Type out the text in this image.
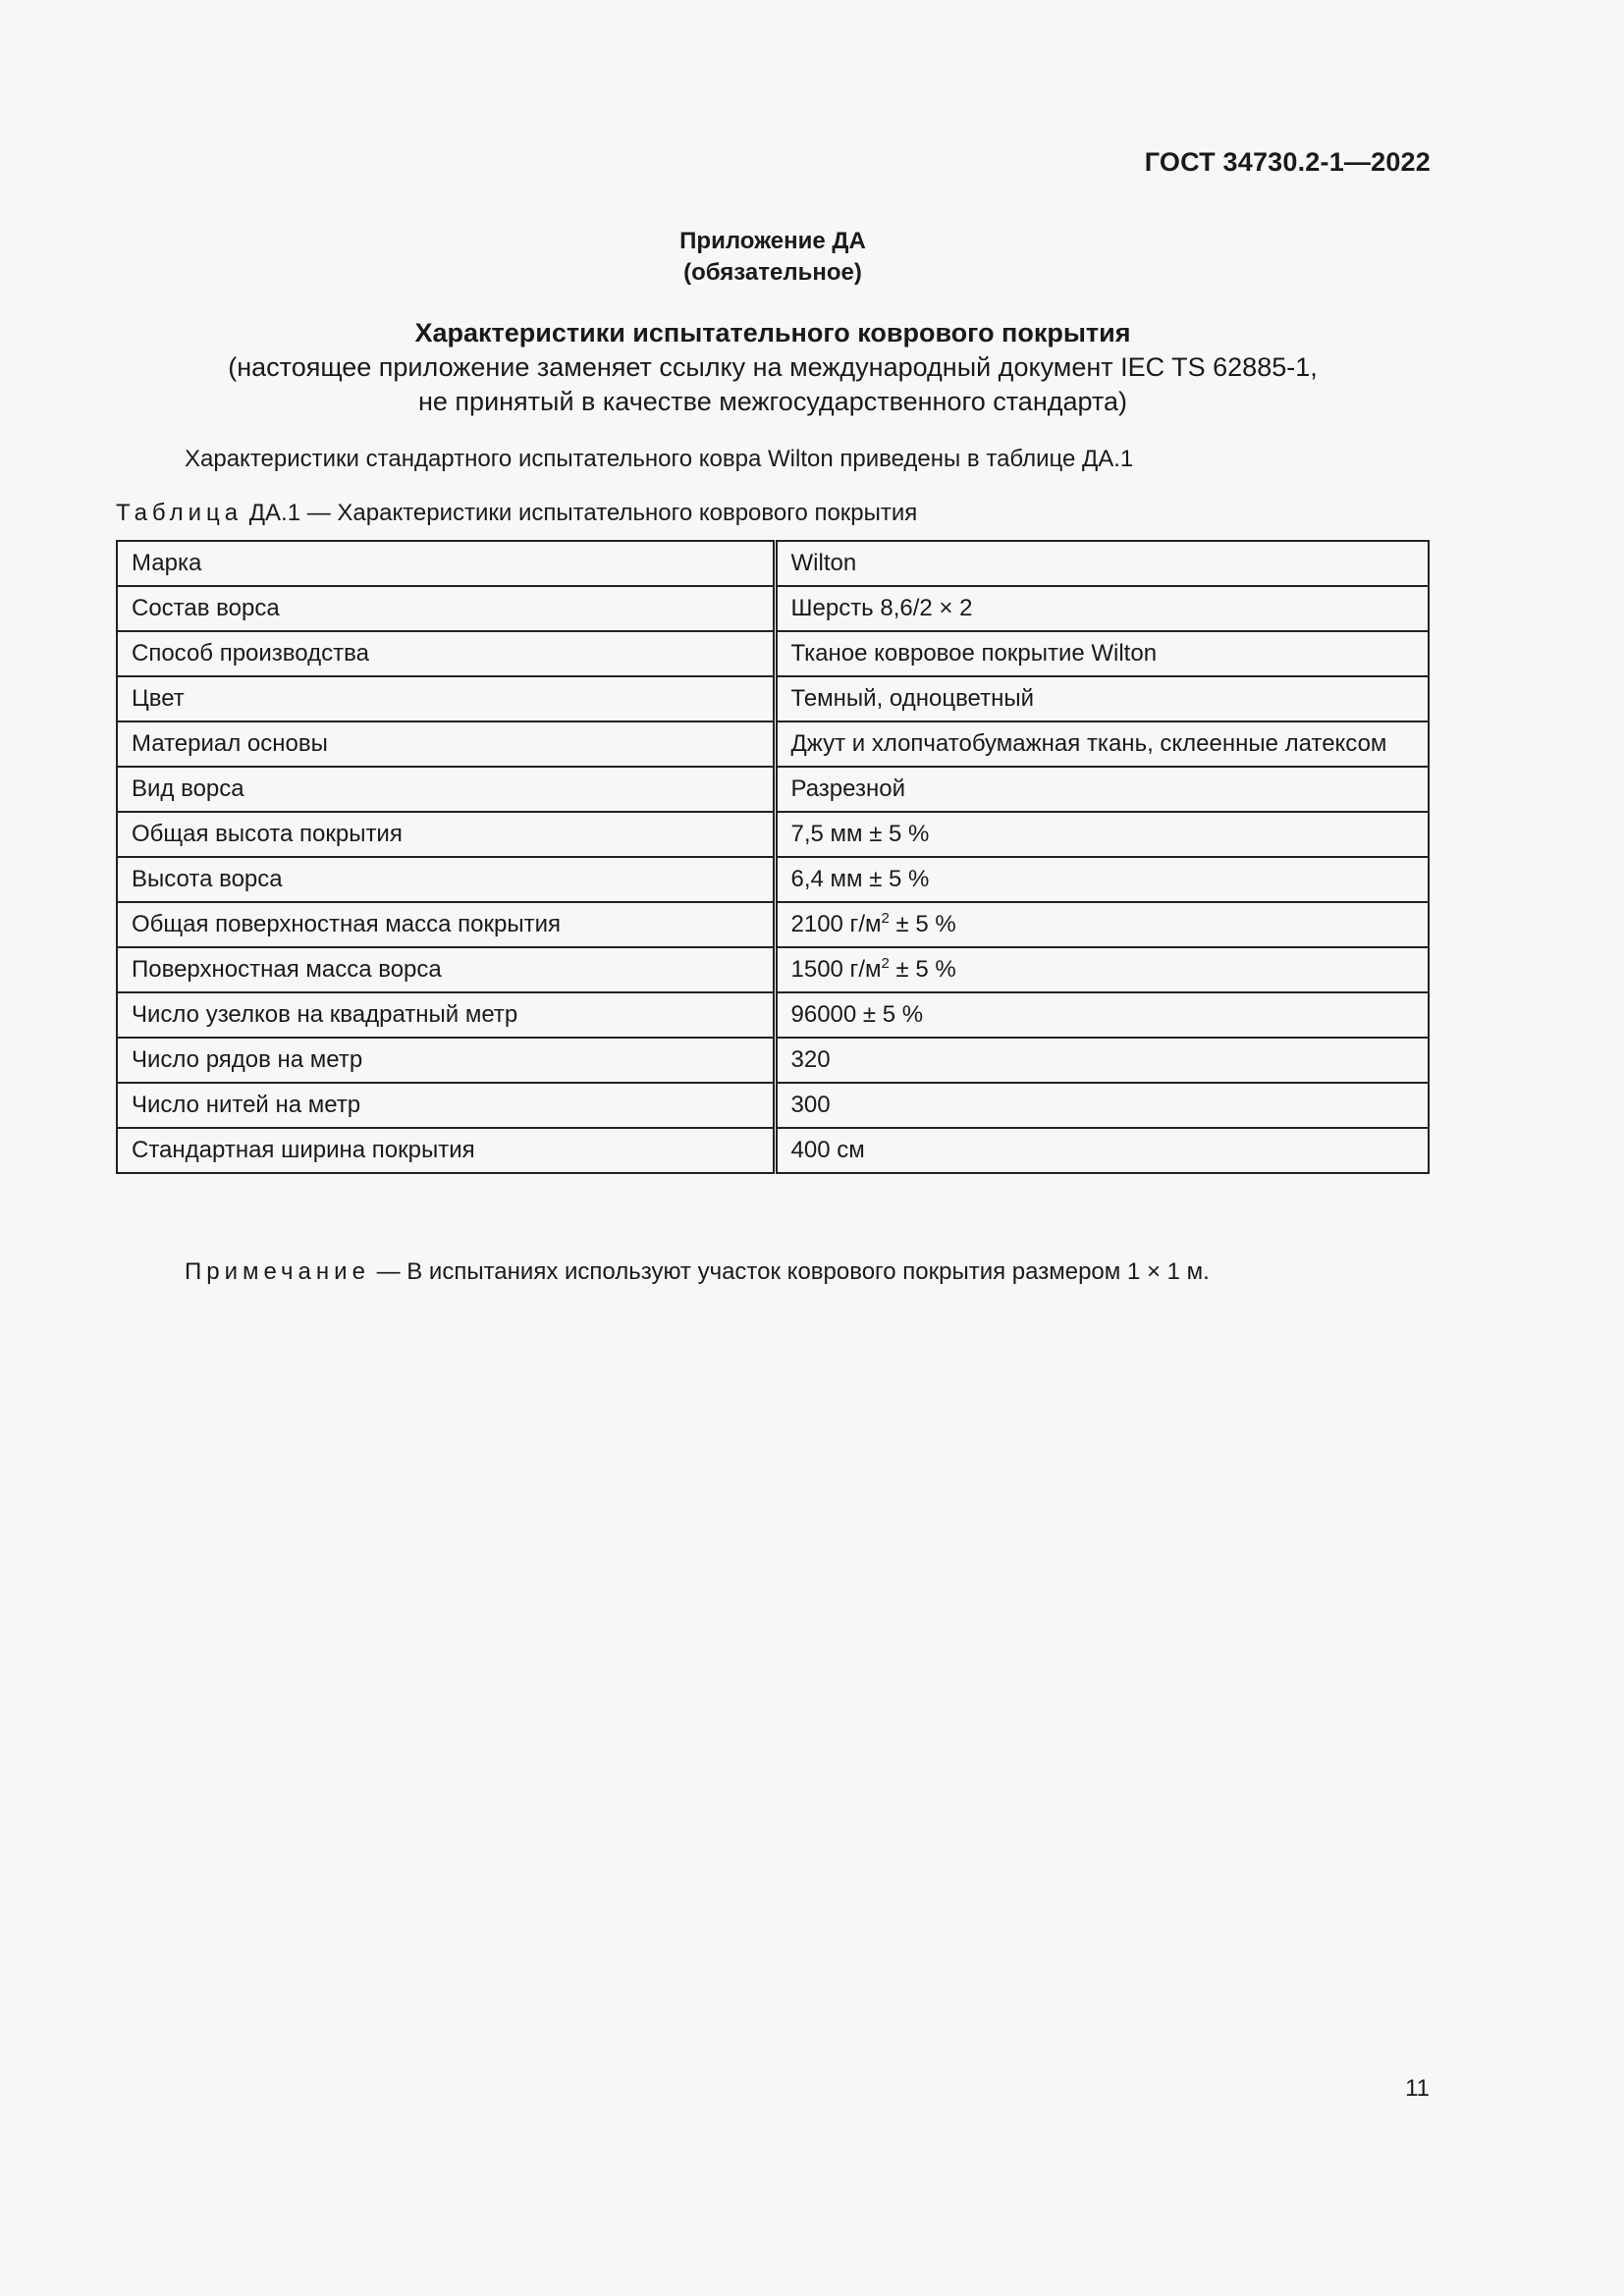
ГОСТ 34730.2-1—2022
Приложение ДА
(обязательное)
Характеристики испытательного коврового покрытия
(настоящее приложение заменяет ссылку на международный документ IEC TS 62885-1,
не принятый в качестве межгосударственного стандарта)
Характеристики стандартного испытательного ковра Wilton приведены в таблице ДА.1
Таблица ДА.1 — Характеристики испытательного коврового покрытия
Марка	Wilton
Состав ворса	Шерсть 8,6/2 × 2
Способ производства	Тканое ковровое покрытие Wilton
Цвет	Темный, одноцветный
Материал основы	Джут и хлопчатобумажная ткань, склеенные латексом
Вид ворса	Разрезной
Общая высота покрытия	7,5 мм ± 5 %
Высота ворса	6,4 мм ± 5 %
Общая поверхностная масса покрытия	2100 $г/м^2 \pm 5$ %
Поверхностная масса ворса	1500 $г/м^2 \pm 5$ %
Число узелков на квадратный метр	96000 ± 5 %
Число рядов на метр	320
Число нитей на метр	300
Стандартная ширина покрытия	400 см
Примечание — В испытаниях используют участок коврового покрытия размером 1 × 1 м.
11
